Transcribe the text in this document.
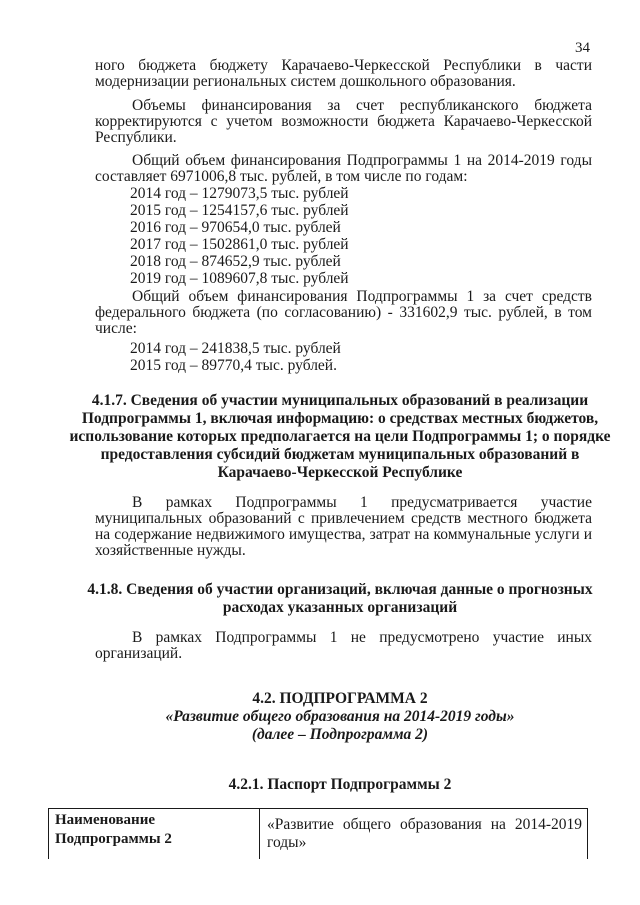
34
ного бюджета бюджету Карачаево-Черкесской Республики в части модернизации региональных систем дошкольного образования.
Объемы финансирования за счет республиканского бюджета корректируются с учетом возможности бюджета Карачаево-Черкесской Республики.
Общий объем финансирования Подпрограммы 1 на 2014-2019 годы составляет 6971006,8 тыс. рублей, в том числе по годам:
2014 год – 1279073,5 тыс. рублей
2015 год – 1254157,6 тыс. рублей
2016 год – 970654,0 тыс. рублей
2017 год – 1502861,0 тыс. рублей
2018 год – 874652,9 тыс. рублей
2019 год – 1089607,8 тыс. рублей
Общий объем финансирования Подпрограммы 1 за счет средств федерального бюджета (по согласованию) - 331602,9 тыс. рублей, в том числе:
2014 год – 241838,5 тыс. рублей
2015 год – 89770,4 тыс. рублей.
4.1.7. Сведения об участии муниципальных образований в реализации Подпрограммы 1, включая информацию: о средствах местных бюджетов, использование которых предполагается на цели Подпрограммы 1; о порядке предоставления субсидий бюджетам муниципальных образований в Карачаево-Черкесской Республике
В рамках Подпрограммы 1 предусматривается участие муниципальных образований с привлечением средств местного бюджета на содержание недвижимого имущества, затрат на коммунальные услуги и хозяйственные нужды.
4.1.8. Сведения об участии организаций, включая данные о прогнозных расходах указанных организаций
В рамках Подпрограммы 1 не предусмотрено участие иных организаций.
4.2. ПОДПРОГРАММА 2
«Развитие общего образования на 2014-2019 годы»
(далее – Подпрограмма 2)
4.2.1. Паспорт Подпрограммы 2
Наименование Подпрограммы 2
«Развитие общего образования на 2014-2019 годы»
